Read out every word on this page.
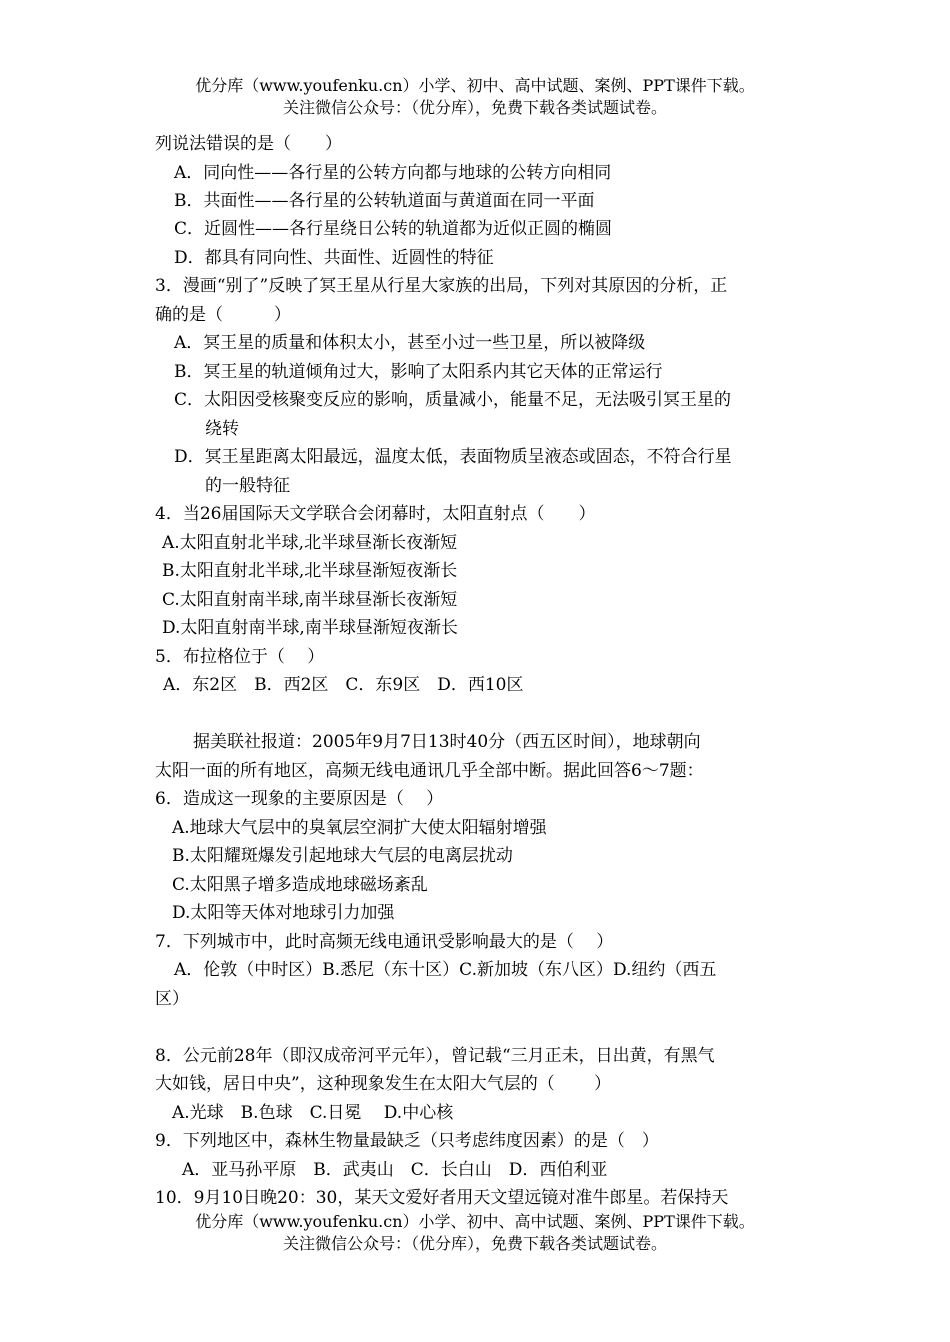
优分库（www.youfenku.cn）小学、初中、高中试题、案例、PPT课件下载。
关注微信公众号：（优分库），免费下载各类试题试卷。
列说法错误的是（　　）
A．同向性——各行星的公转方向都与地球的公转方向相同
B．共面性——各行星的公转轨道面与黄道面在同一平面
C．近圆性——各行星绕日公转的轨道都为近似正圆的椭圆
D．都具有同向性、共面性、近圆性的特征
3．漫画“别了”反映了冥王星从行星大家族的出局，下列对其原因的分析，正
确的是（　　　）
A．冥王星的质量和体积太小，甚至小过一些卫星，所以被降级
B．冥王星的轨道倾角过大，影响了太阳系内其它天体的正常运行
C．太阳因受核聚变反应的影响，质量减小，能量不足，无法吸引冥王星的
绕转
D．冥王星距离太阳最远，温度太低，表面物质呈液态或固态，不符合行星
的一般特征
4．当26届国际天文学联合会闭幕时，太阳直射点（　　）
A.太阳直射北半球,北半球昼渐长夜渐短
B.太阳直射北半球,北半球昼渐短夜渐长
C.太阳直射南半球,南半球昼渐长夜渐短
D.太阳直射南半球,南半球昼渐短夜渐长
5．布拉格位于（　 ）
A．东2区　B．西2区　C．东9区　D．西10区
据美联社报道：2005年9月7日13时40分（西五区时间），地球朝向
太阳一面的所有地区，高频无线电通讯几乎全部中断。据此回答6～7题：
6．造成这一现象的主要原因是（　 ）
A.地球大气层中的臭氧层空洞扩大使太阳辐射增强
B.太阳耀斑爆发引起地球大气层的电离层扰动
C.太阳黑子增多造成地球磁场紊乱
D.太阳等天体对地球引力加强
7．下列城市中，此时高频无线电通讯受影响最大的是（　 ）
A．伦敦（中时区）B.悉尼（东十区）C.新加坡（东八区）D.纽约（西五
区）
8．公元前28年（即汉成帝河平元年），曾记载“三月正未，日出黄，有黑气
大如钱，居日中央”，这种现象发生在太阳大气层的（　　 ）
A.光球　B.色球　C.日冕　 D.中心核
9．下列地区中，森林生物量最缺乏（只考虑纬度因素）的是（　）
A．亚马孙平原　B．武夷山　C．长白山　D．西伯利亚
10．9月10日晚20：30，某天文爱好者用天文望远镜对准牛郎星。若保持天
优分库（www.youfenku.cn）小学、初中、高中试题、案例、PPT课件下载。
关注微信公众号：（优分库），免费下载各类试题试卷。
